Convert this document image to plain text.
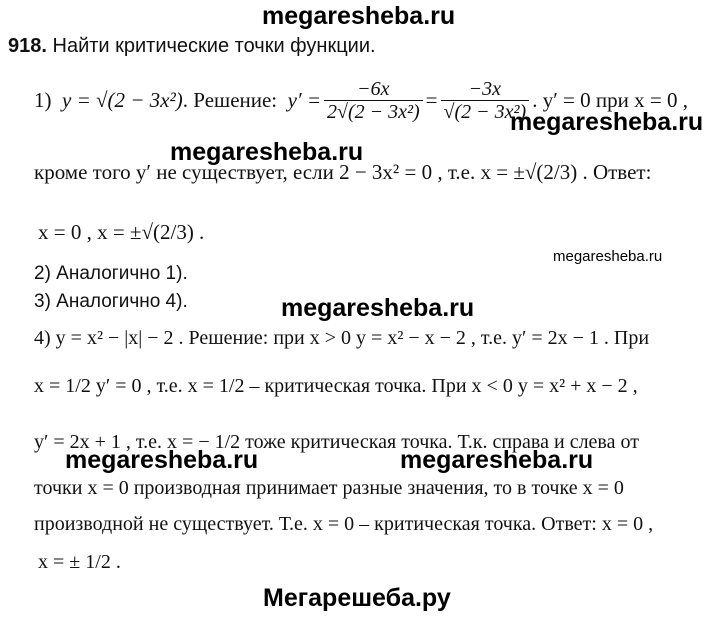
megaresheba.ru
megaresheba.ru
megaresheba.ru
megaresheba.ru
megaresheba.ru
megaresheba.ru	megaresheba.ru
Мегарешеба.ру
918. Найти критические точки функции.
1)
y = √(2 − 3x²) . Решение:
$y' = \frac{-6x}{\text{2√(2 − 3x²)}} = \frac{-3x}{\text{√(2 − 3x²)}}$ . y′ = 0 при x = 0 ,
кроме того y′ не существует, если 2 − 3x² = 0 , т.е. x = ±√(2/3) . Ответ:
x = 0 , x = ±√(2/3) .
2) Аналогично 1).
3) Аналогично 4).
4) y = x² − |x| − 2 . Решение: при x > 0 y = x² − x − 2 , т.е. y′ = 2x − 1 . При
x = 1/2 y′ = 0 , т.е. x = 1/2 – критическая точка. При x < 0 y = x² + x − 2 ,
y′ = 2x + 1 , т.е. x = − 1/2 тоже критическая точка. Т.к. справа и слева от
точки x = 0 производная принимает разные значения, то в точке x = 0
производной не существует. Т.е. x = 0 – критическая точка. Ответ: x = 0 ,
x = ± 1/2 .
